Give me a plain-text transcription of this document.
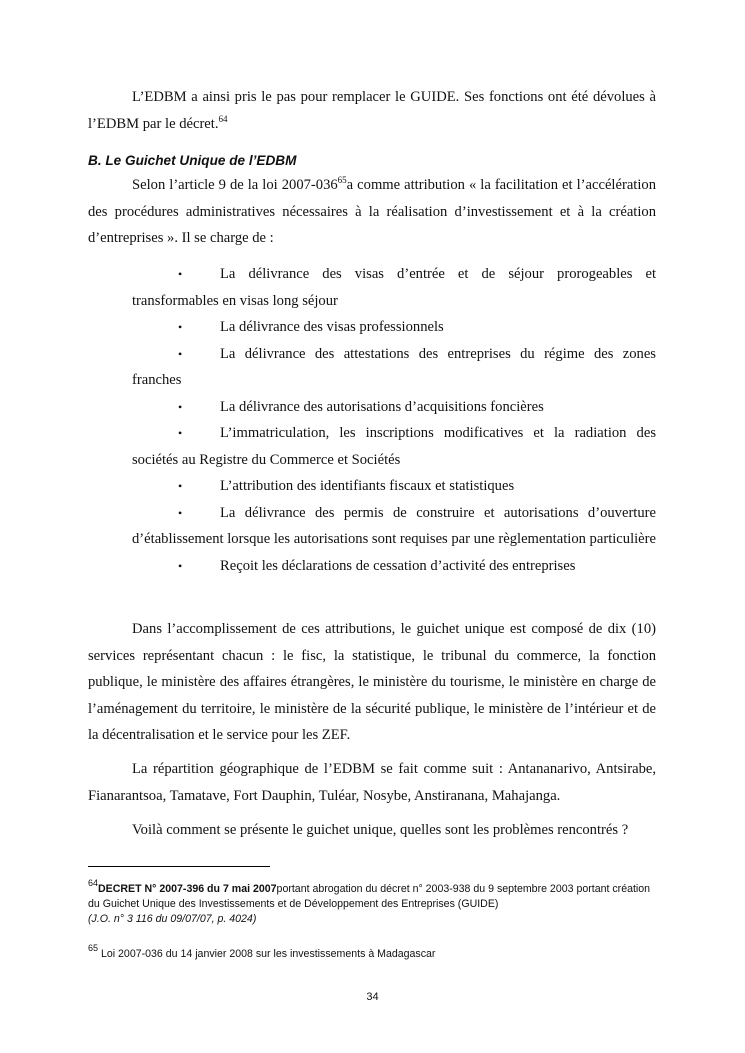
L’EDBM a ainsi pris le pas pour remplacer le GUIDE. Ses fonctions ont été dévolues à l’EDBM par le décret.$^{64}$

B. Le Guichet Unique de l’EDBM

Selon l’article 9 de la loi $2007-036^{65}a$ comme attribution « la facilitation et l’accélération des procédures administratives nécessaires à la réalisation d’investissement et à la création d’entreprises ». Il se charge de :

•	La délivrance des visas d’entrée et de séjour prorogeables et transformables en visas long séjour
•	La délivrance des visas professionnels
•	La délivrance des attestations des entreprises du régime des zones franches
•	La délivrance des autorisations d’acquisitions foncières
•	L’immatriculation, les inscriptions modificatives et la radiation des sociétés au Registre du Commerce et Sociétés
•	L’attribution des identifiants fiscaux et statistiques
•	La délivrance des permis de construire et autorisations d’ouverture d’établissement lorsque les autorisations sont requises par une règlementation particulière
•	Reçoit les déclarations de cessation d’activité des entreprises

Dans l’accomplissement de ces attributions, le guichet unique est composé de dix (10) services représentant chacun : le fisc, la statistique, le tribunal du commerce, la fonction publique, le ministère des affaires étrangères, le ministère du tourisme, le ministère en charge de l’aménagement du territoire, le ministère de la sécurité publique, le ministère de l’intérieur et de la décentralisation et le service pour les ZEF.

La répartition géographique de l’EDBM se fait comme suit : Antananarivo, Antsirabe, Fianarantsoa, Tamatave, Fort Dauphin, Tuléar, Nosybe, Anstiranana, Mahajanga.

Voilà comment se présente le guichet unique, quelles sont les problèmes rencontrés ?

$^{64}$DECRET N° 2007-396 du 7 mai 2007portant abrogation du décret n° 2003-938 du 9 septembre 2003 portant création du Guichet Unique des Investissements et de Développement des Entreprises (GUIDE)
(J.O. n° 3 116 du 09/07/07, p. 4024)

$^{65}$ Loi 2007-036 du 14 janvier 2008 sur les investissements à Madagascar

34
